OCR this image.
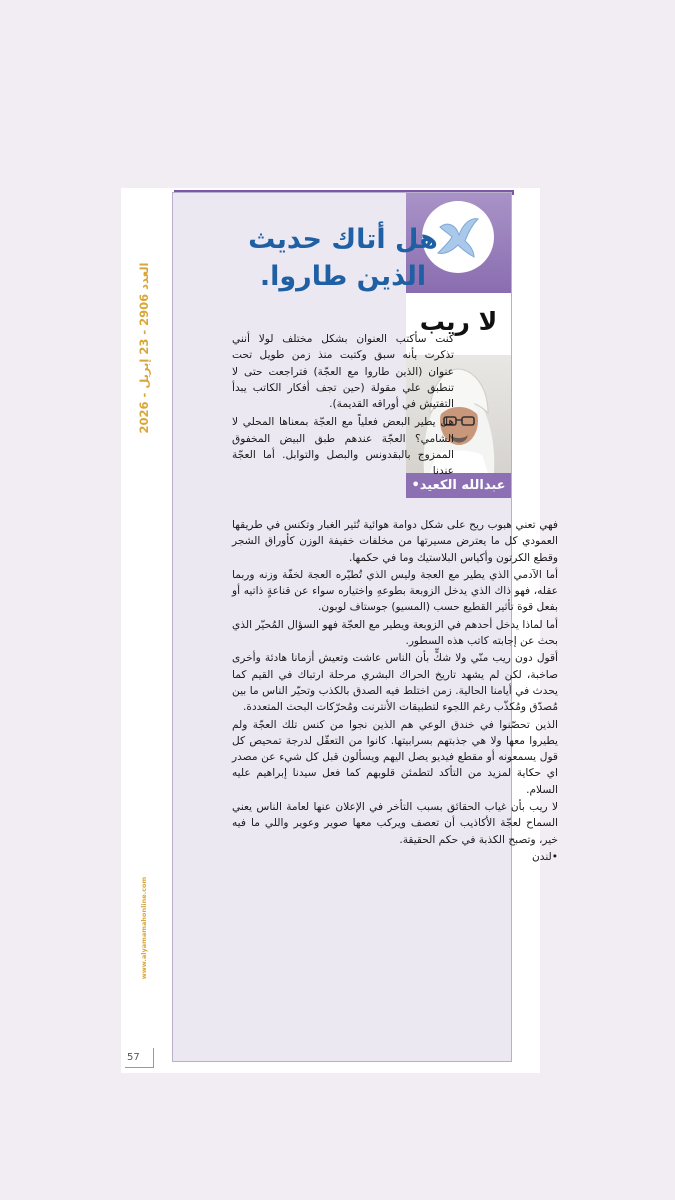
العدد 2906 - 23 إبريل - 2026
www.alyamamahonline.com
57
لا ريب
عبدالله الكعيد•
هل أتاك حديث
الذين طاروا.

كنت سأكتب العنوان بشكل مختلف لولا أنني تذكرت بأنه سبق وكتبت منذ زمن طويل تحت عنوان (الذين طاروا مع العجّة) فتراجعت حتى لا تنطبق علي مقولة (حين تجف أفكار الكاتب يبدأ التفتيش في أوراقه القديمة).

هل يطير البعض فعلياً مع العجّة بمعناها المحلي لا الشامي؟ العجّة عندهم طبق البيض المخفوق الممزوج بالبقدونس والبصل والتوابل. أما العجّة عندنا

فهي تعني هبوب ريح على شكل دوامة هوائية تُثير الغبار وتكنس في طريقها العمودي كل ما يعترض مسيرتها من مخلفات خفيفة الوزن كأوراق الشجر وقطع الكرتون وأكياس البلاستيك وما في حكمها.

أما الآدمي الذي يطير مع العجة وليس الذي تُطيّره العجة لخفّة وزنه وربما عقله، فهو ذاك الذي يدخل الزوبعة بطوعهِ واختياره سواء عن قناعةٍ ذاتيه أو بفعل قوة تأثير القطيع حسب (المسيو) جوستاف لوبون.

أما لماذا يدخل أحدهم في الزوبعة ويطير مع العجّة فهو السؤال المُحيّر الذي بحث عن إجابته كاتب هذه السطور.

أقول دون ريب منّي ولا شكٍّ بأن الناس عاشت وتعيش أزمانا هادئة وأخرى صاخبة، لكن لم يشهد تاريخ الحراك البشري مرحلة ارتباك في القيم كما يحدث في أيامنا الحالية. زمن اختلط فيه الصدق بالكذب وتحيّر الناس ما بين مُصدّق ومُكذّب رغم اللجوء لتطبيقات الأنترنت ومُحرّكات البحث المتعددة.

الذين تحصّنوا في خندق الوعي هم الذين نجوا من كنس تلك العجّة ولم يطيروا معها ولا هي جذبتهم بسرابيتها. كانوا من التعقّل لدرجة تمحيص كل قول يسمعونه أو مقطع فيديو يصل اليهم ويسألون قبل كل شيء عن مصدر اي حكاية لمزيد من التأكد لتطمئن قلوبهم كما فعل سيدنا إبراهيم عليه السلام.

لا ريب بأن غياب الحقائق بسبب التأخر في الإعلان عنها لعامة الناس يعني السماح لعجّة الأكاذيب أن تعصف ويركب معها صوير وعوير واللي ما فيه خير، وتصبح الكذبة في حكم الحقيقة.

•لندن
